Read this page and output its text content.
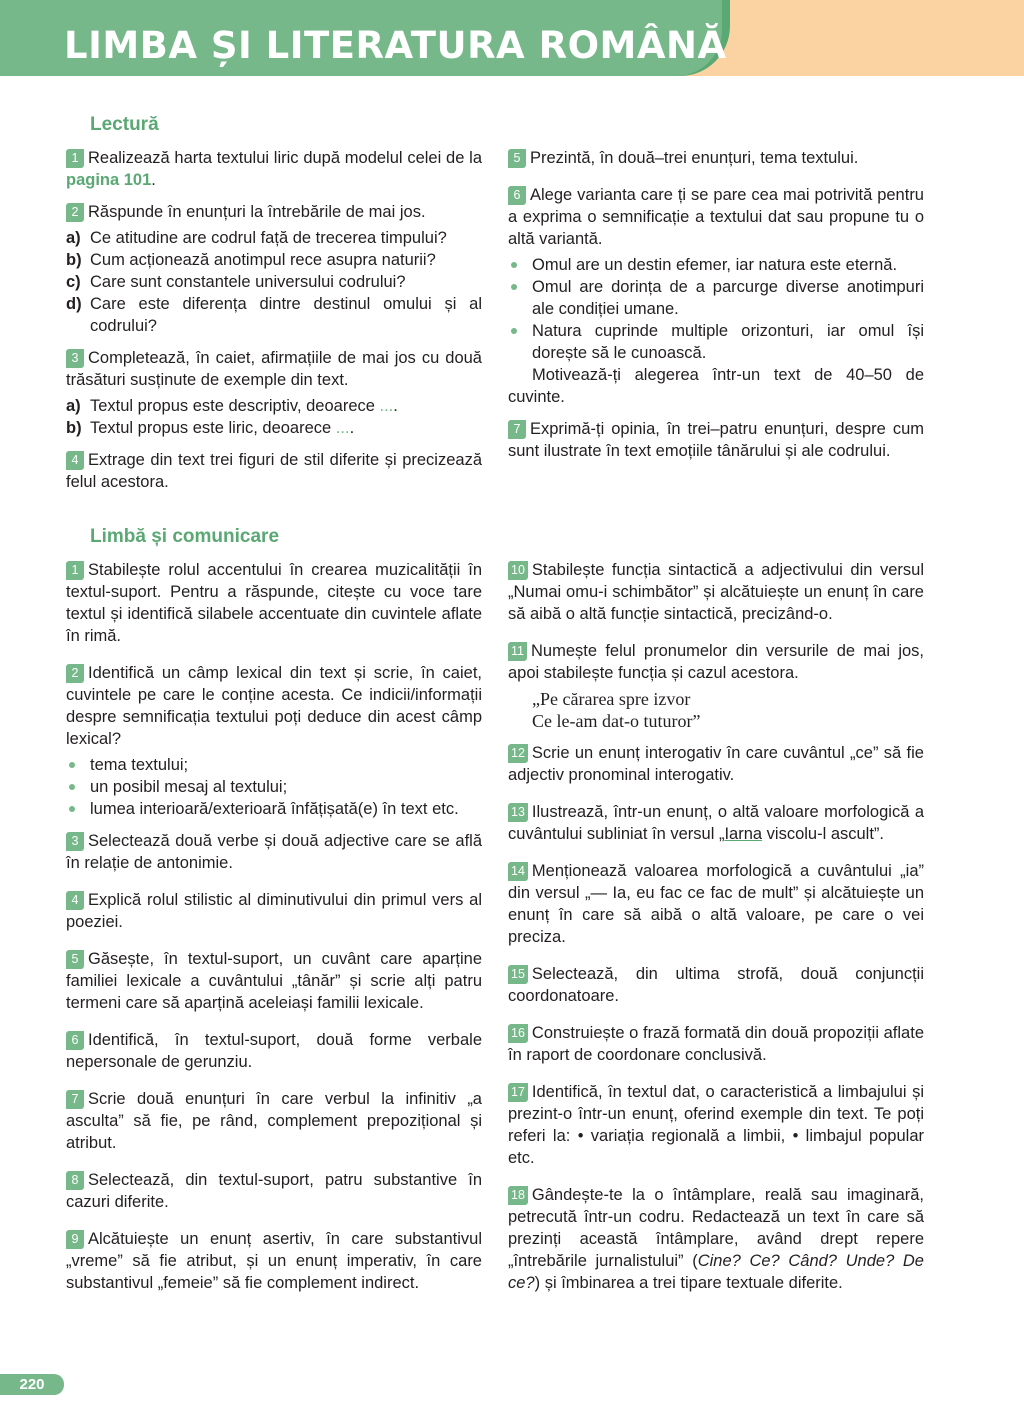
LIMBA ȘI LITERATURA ROMÂNĂ
Lectură

1 Realizează harta textului liric după modelul celei de la pagina 101.

2 Răspunde în enunțuri la întrebările de mai jos.

a) Ce atitudine are codrul față de trecerea timpului?
b) Cum acționează anotimpul rece asupra naturii?
c) Care sunt constantele universului codrului?
d) Care este diferența dintre destinul omului și al codrului?

3 Completează, în caiet, afirmațiile de mai jos cu două trăsături susținute de exemple din text.

a) Textul propus este descriptiv, deoarece ....
b) Textul propus este liric, deoarece ....

4 Extrage din text trei figuri de stil diferite și precizează felul acestora.

5 Prezintă, în două–trei enunțuri, tema textului.

6 Alege varianta care ți se pare cea mai potrivită pentru a exprima o semnificație a textului dat sau propune tu o altă variantă.

Omul are un destin efemer, iar natura este eternă.
Omul are dorința de a parcurge diverse anotimpuri ale condiției umane.
Natura cuprinde multiple orizonturi, iar omul își dorește să le cunoască.

Motivează-ți alegerea într-un text de 40–50 de cuvinte.

7 Exprimă-ți opinia, în trei–patru enunțuri, despre cum sunt ilustrate în text emoțiile tânărului și ale codrului.

Limbă și comunicare

1 Stabilește rolul accentului în crearea muzicalității în textul-suport. Pentru a răspunde, citește cu voce tare textul și identifică silabele accentuate din cuvintele aflate în rimă.

2 Identifică un câmp lexical din text și scrie, în caiet, cuvintele pe care le conține acesta. Ce indicii/informații despre semnificația textului poți deduce din acest câmp lexical?

tema textului;
un posibil mesaj al textului;
lumea interioară/exterioară înfățișată(e) în text etc.

3 Selectează două verbe și două adjective care se află în relație de antonimie.

4 Explică rolul stilistic al diminutivului din primul vers al poeziei.

5 Găsește, în textul-suport, un cuvânt care aparține familiei lexicale a cuvântului „tânăr” și scrie alți patru termeni care să aparțină aceleiași familii lexicale.

6 Identifică, în textul-suport, două forme verbale nepersonale de gerunziu.

7 Scrie două enunțuri în care verbul la infinitiv „a asculta” să fie, pe rând, complement prepozițional și atribut.

8 Selectează, din textul-suport, patru substantive în cazuri diferite.

9 Alcătuiește un enunț asertiv, în care substantivul „vreme” să fie atribut, și un enunț imperativ, în care substantivul „femeie” să fie complement indirect.

10 Stabilește funcția sintactică a adjectivului din versul „Numai omu-i schimbător” și alcătuiește un enunț în care să aibă o altă funcție sintactică, precizând-o.

11 Numește felul pronumelor din versurile de mai jos, apoi stabilește funcția și cazul acestora.

„Pe cărarea spre izvor
Ce le-am dat-o tuturor”

12 Scrie un enunț interogativ în care cuvântul „ce” să fie adjectiv pronominal interogativ.

13 Ilustrează, într-un enunț, o altă valoare morfologică a cuvântului subliniat în versul „Iarna viscolu-l ascult”.

14 Menționează valoarea morfologică a cuvântului „ia” din versul „— Ia, eu fac ce fac de mult” și alcătuiește un enunț în care să aibă o altă valoare, pe care o vei preciza.

15 Selectează, din ultima strofă, două conjuncții coordonatoare.

16 Construiește o frază formată din două propoziții aflate în raport de coordonare conclusivă.

17 Identifică, în textul dat, o caracteristică a limbajului și prezint-o într-un enunț, oferind exemple din text. Te poți referi la: • variația regională a limbii, • limbajul popular etc.

18 Gândește-te la o întâmplare, reală sau imaginară, petrecută într-un codru. Redactează un text în care să prezinți această întâmplare, având drept repere „întrebările jurnalistului” (Cine? Ce? Când? Unde? De ce?) și îmbinarea a trei tipare textuale diferite.

220
